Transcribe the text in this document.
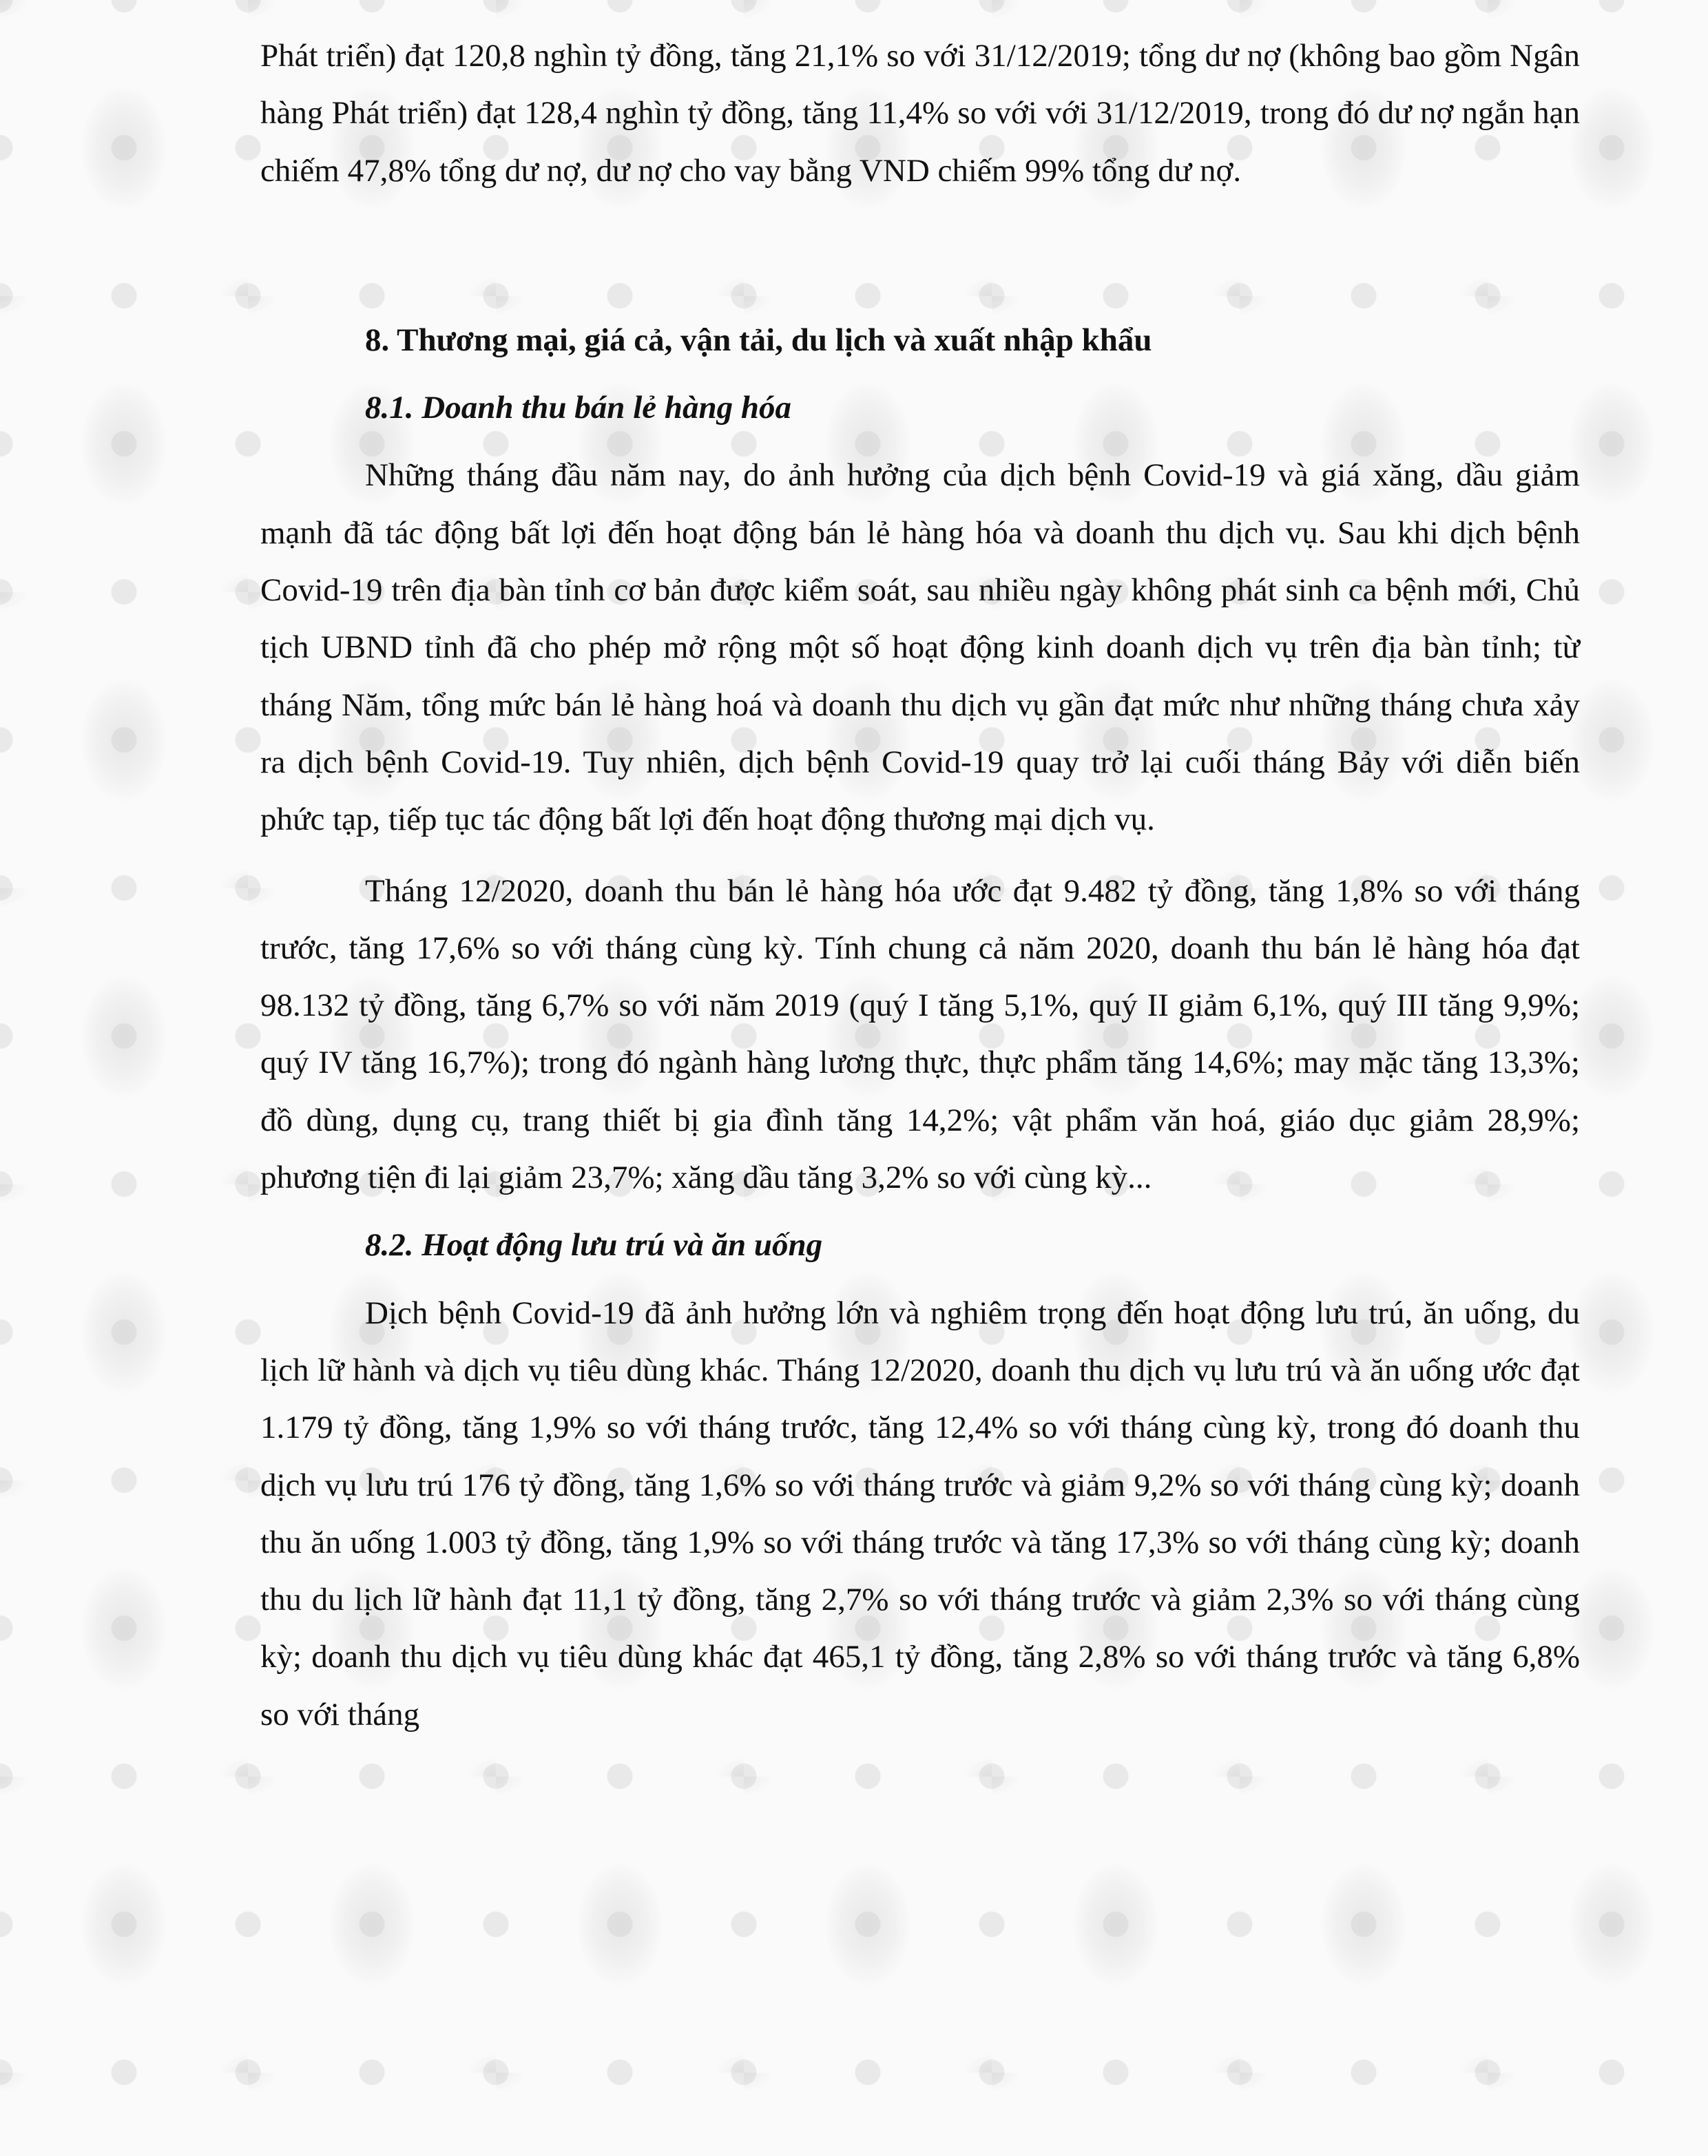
Phát triển) đạt 120,8 nghìn tỷ đồng, tăng 21,1% so với 31/12/2019; tổng dư nợ (không bao gồm Ngân hàng Phát triển) đạt 128,4 nghìn tỷ đồng, tăng 11,4% so với với 31/12/2019, trong đó dư nợ ngắn hạn chiếm 47,8% tổng dư nợ, dư nợ cho vay bằng VND chiếm 99% tổng dư nợ.

8. Thương mại, giá cả, vận tải, du lịch và xuất nhập khẩu
8.1. Doanh thu bán lẻ hàng hóa

Những tháng đầu năm nay, do ảnh hưởng của dịch bệnh Covid-19 và giá xăng, dầu giảm mạnh đã tác động bất lợi đến hoạt động bán lẻ hàng hóa và doanh thu dịch vụ. Sau khi dịch bệnh Covid-19 trên địa bàn tỉnh cơ bản được kiểm soát, sau nhiều ngày không phát sinh ca bệnh mới, Chủ tịch UBND tỉnh đã cho phép mở rộng một số hoạt động kinh doanh dịch vụ trên địa bàn tỉnh; từ tháng Năm, tổng mức bán lẻ hàng hoá và doanh thu dịch vụ gần đạt mức như những tháng chưa xảy ra dịch bệnh Covid-19. Tuy nhiên, dịch bệnh Covid-19 quay trở lại cuối tháng Bảy với diễn biến phức tạp, tiếp tục tác động bất lợi đến hoạt động thương mại dịch vụ.

Tháng 12/2020, doanh thu bán lẻ hàng hóa ước đạt 9.482 tỷ đồng, tăng 1,8% so với tháng trước, tăng 17,6% so với tháng cùng kỳ. Tính chung cả năm 2020, doanh thu bán lẻ hàng hóa đạt 98.132 tỷ đồng, tăng 6,7% so với năm 2019 (quý I tăng 5,1%, quý II giảm 6,1%, quý III tăng 9,9%; quý IV tăng 16,7%); trong đó ngành hàng lương thực, thực phẩm tăng 14,6%; may mặc tăng 13,3%; đồ dùng, dụng cụ, trang thiết bị gia đình tăng 14,2%; vật phẩm văn hoá, giáo dục giảm 28,9%; phương tiện đi lại giảm 23,7%; xăng dầu tăng 3,2% so với cùng kỳ...

8.2. Hoạt động lưu trú và ăn uống

Dịch bệnh Covid-19 đã ảnh hưởng lớn và nghiêm trọng đến hoạt động lưu trú, ăn uống, du lịch lữ hành và dịch vụ tiêu dùng khác. Tháng 12/2020, doanh thu dịch vụ lưu trú và ăn uống ước đạt 1.179 tỷ đồng, tăng 1,9% so với tháng trước, tăng 12,4% so với tháng cùng kỳ, trong đó doanh thu dịch vụ lưu trú 176 tỷ đồng, tăng 1,6% so với tháng trước và giảm 9,2% so với tháng cùng kỳ; doanh thu ăn uống 1.003 tỷ đồng, tăng 1,9% so với tháng trước và tăng 17,3% so với tháng cùng kỳ; doanh thu du lịch lữ hành đạt 11,1 tỷ đồng, tăng 2,7% so với tháng trước và giảm 2,3% so với tháng cùng kỳ; doanh thu dịch vụ tiêu dùng khác đạt 465,1 tỷ đồng, tăng 2,8% so với tháng trước và tăng 6,8% so với tháng
